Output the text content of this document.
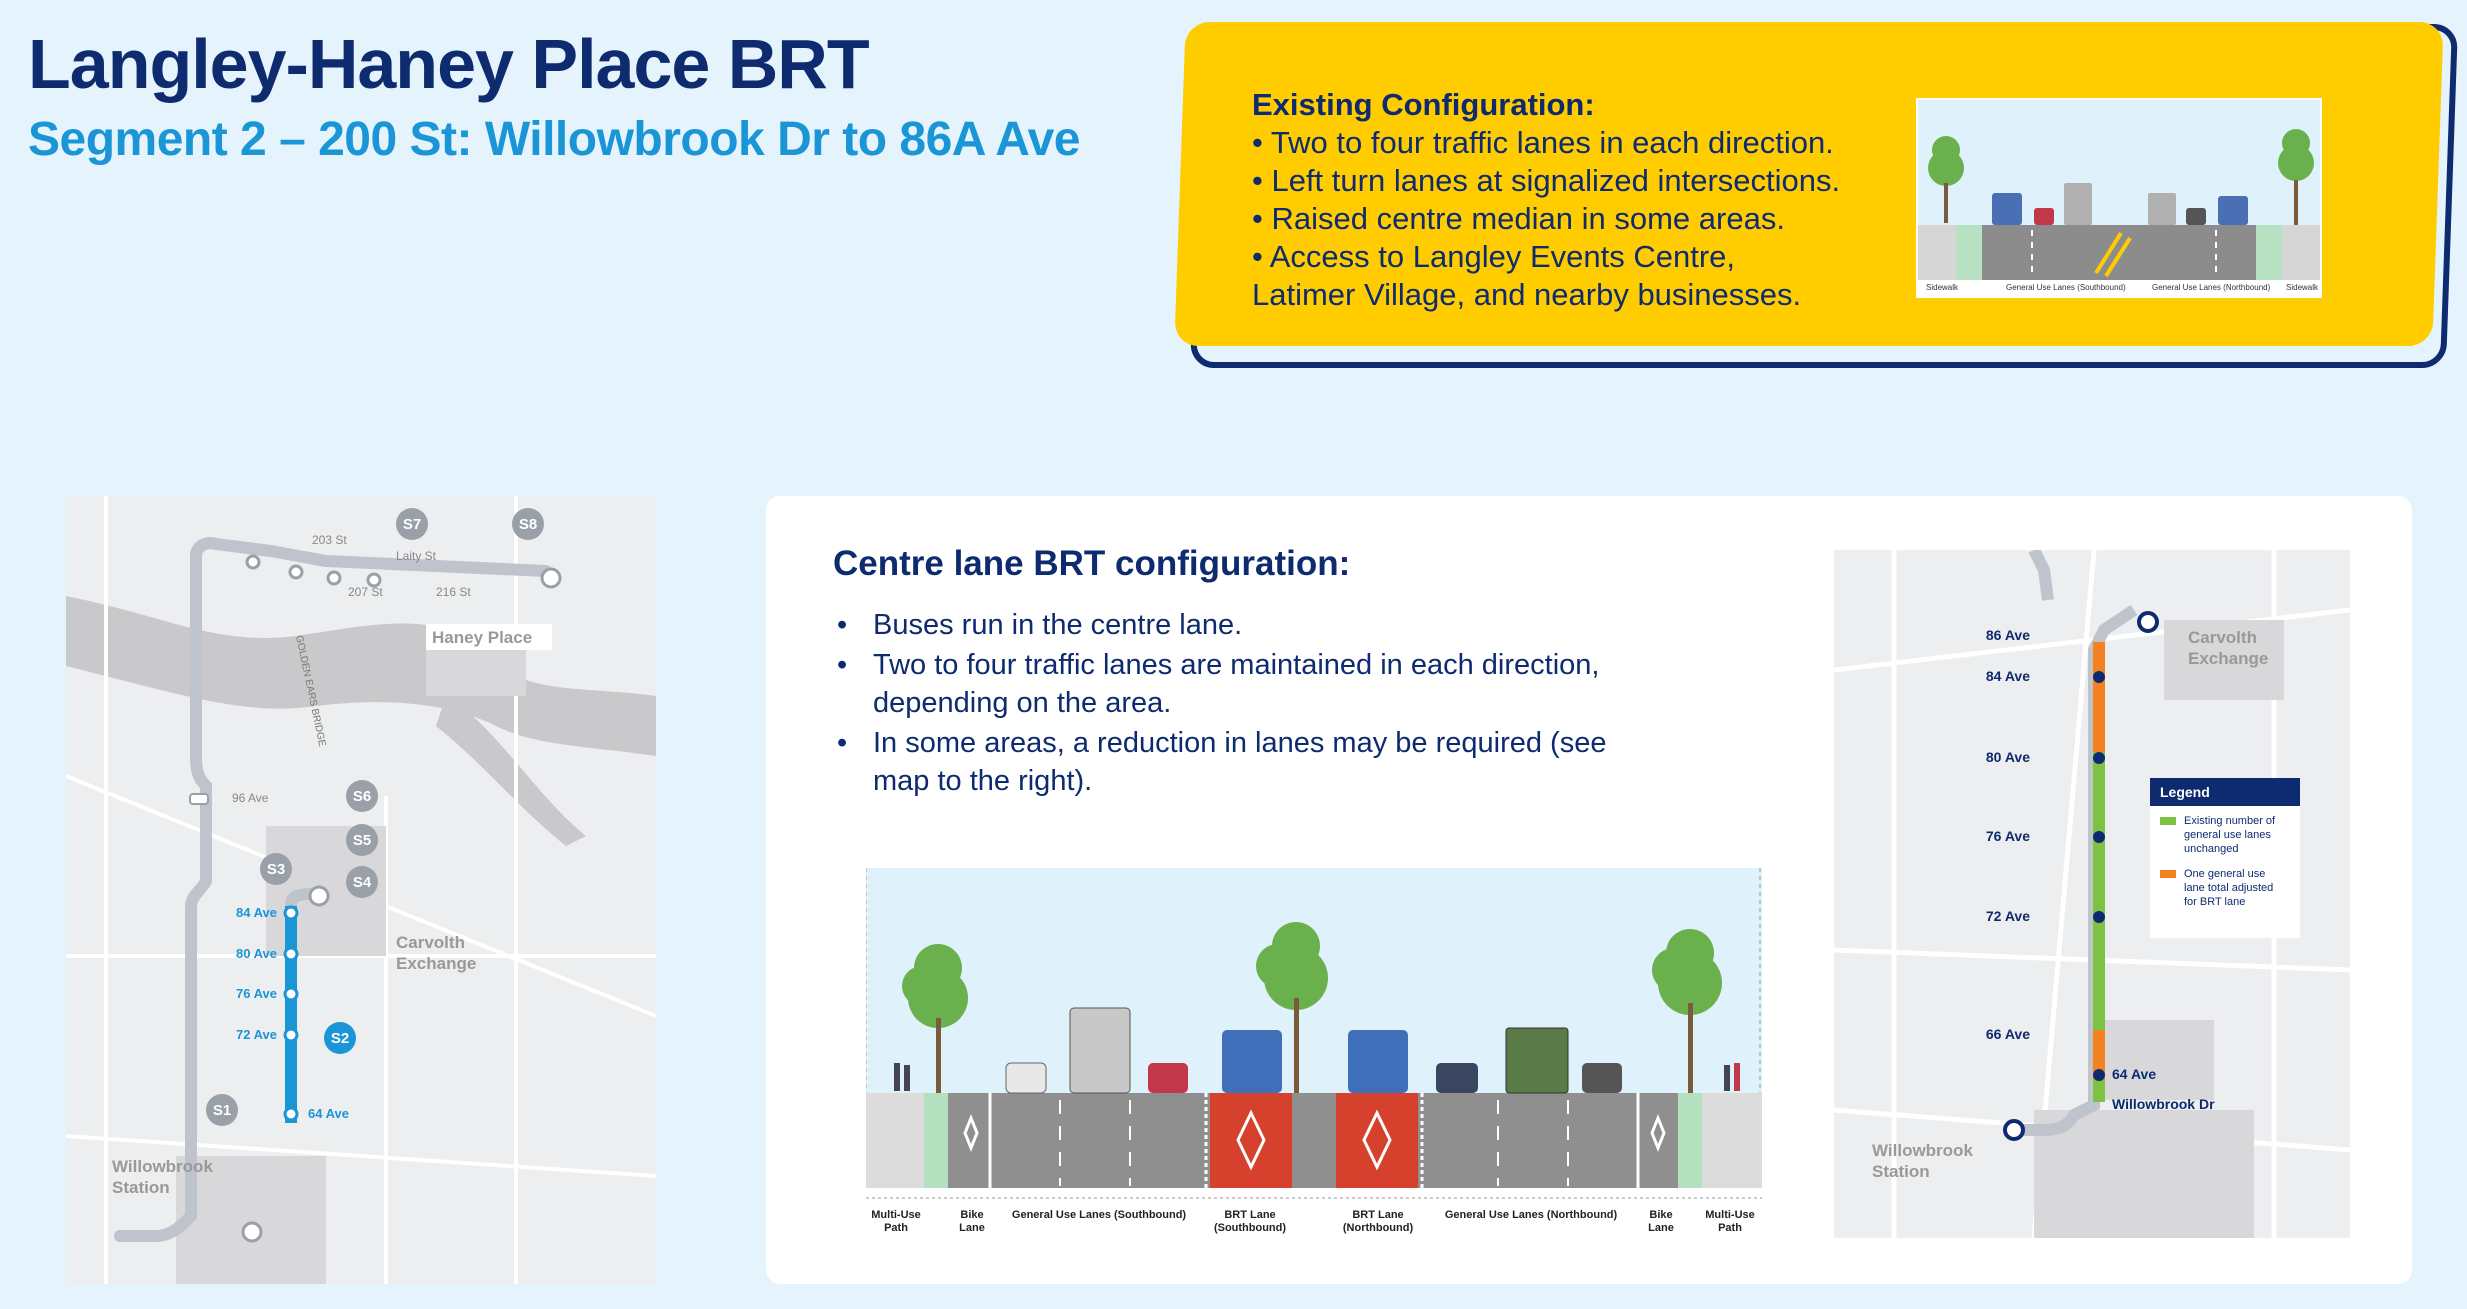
Langley-Haney Place BRT
Segment 2 – 200 St: Willowbrook Dr to 86A Ave
Existing Configuration:
• Two to four traffic lanes in each direction.
• Left turn lanes at signalized intersections.
• Raised centre median in some areas.
• Access to Langley Events Centre,
Latimer Village, and nearby businesses.	Sidewalk	General Use Lanes (Southbound)	General Use Lanes (Northbound) Sidewalk
S7	S8
S6
S5
S3
S4
S2
S1
203 St
Laity St
207 St	216 St
96 Ave
GOLDEN EARS BRIDGE
84 Ave
80 Ave
76 Ave
72 Ave
64 Ave
Haney Place
Carvolth
Exchange
Willowbrook
Station
Centre lane BRT configuration:
• Buses run in the centre lane.
• Two to four traffic lanes are maintained in each direction, depending on the area.
• In some areas, a reduction in lanes may be required (see map to the right).
Multi-Use
Path
Bike
Lane
General Use Lanes (Southbound)	BRT Lane
(Southbound)
BRT Lane
(Northbound)
General Use Lanes (Northbound)	Bike
Lane
Multi-Use
Path
86 Ave
84 Ave
80 Ave
76 Ave
72 Ave
66 Ave
64 Ave
Willowbrook Dr
Carvolth
Exchange
Willowbrook
Station
Legend
Existing number of
general use lanes
unchanged
One general use
lane total adjusted
for BRT lane
